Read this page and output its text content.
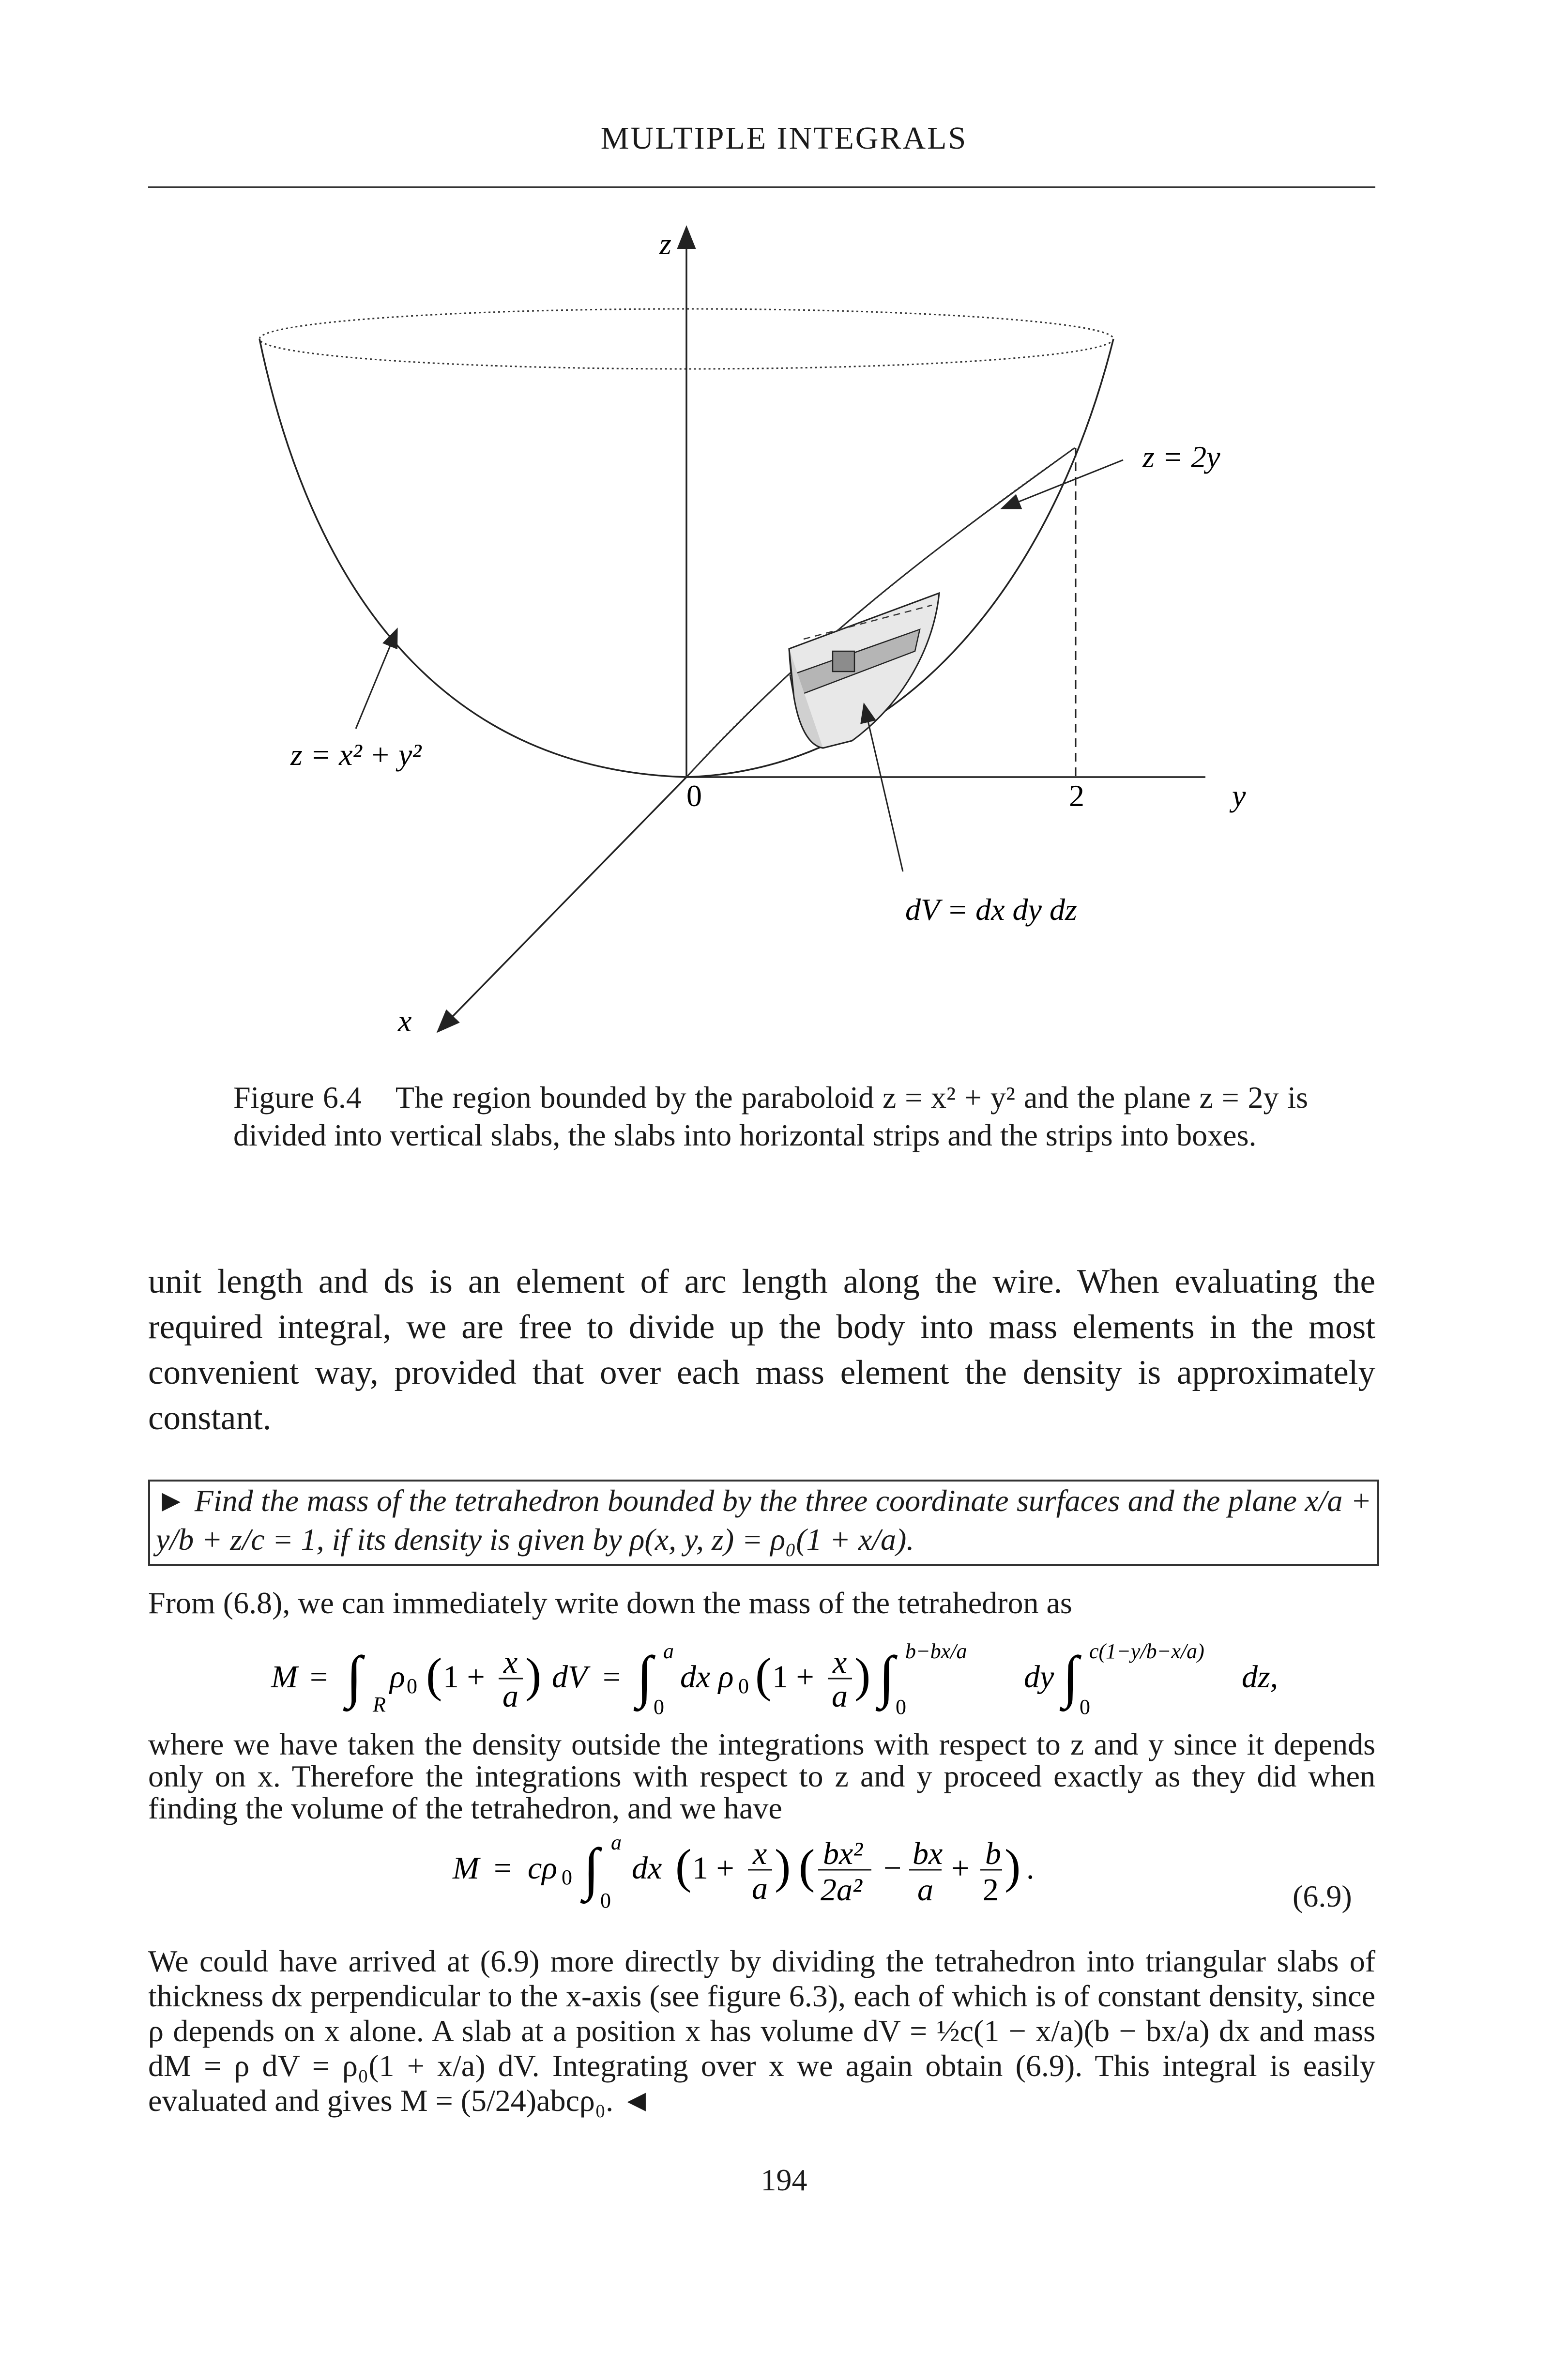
MULTIPLE INTEGRALS
z
y
x
0	2
z = 2y
z = x² + y²
dV = dx dy dz
Figure 6.4 The region bounded by the paraboloid z = x² + y² and the plane z = 2y is divided into vertical slabs, the slabs into horizontal strips and the strips into boxes.
unit length and ds is an element of arc length along the wire. When evaluating the required integral, we are free to divide up the body into mass elements in the most convenient way, provided that over each mass element the density is approximately constant.
► Find the mass of the tetrahedron bounded by the three coordinate surfaces and the plane x/a + y/b + z/c = 1, if its density is given by ρ(x, y, z) = ρ₀(1 + x/a).
From (6.8), we can immediately write down the mass of the tetrahedron as
M = ∫ R
ρ 0 ( 1 + x
a ) dV = ∫ a
0
dx ρ 0 ( 1 + x
a ) ∫ b−bx/a
0
dy ∫ c(1−y/b−x/a)
0
dz,
where we have taken the density outside the integrations with respect to z and y since it depends only on x. Therefore the integrations with respect to z and y proceed exactly as they did when finding the volume of the tetrahedron, and we have
M = cρ 0 ∫ a
0
dx ( 1 + x
a ) ( bx²
2a²
− bx
a
+ b
2 ) .
(6.9)
We could have arrived at (6.9) more directly by dividing the tetrahedron into triangular slabs of thickness dx perpendicular to the x-axis (see figure 6.3), each of which is of constant density, since ρ depends on x alone. A slab at a position x has volume dV = ½c(1 − x/a)(b − bx/a) dx and mass dM = ρ dV = ρ₀(1 + x/a) dV. Integrating over x we again obtain (6.9). This integral is easily evaluated and gives M = (5/24)abcρ₀. ◄
194
